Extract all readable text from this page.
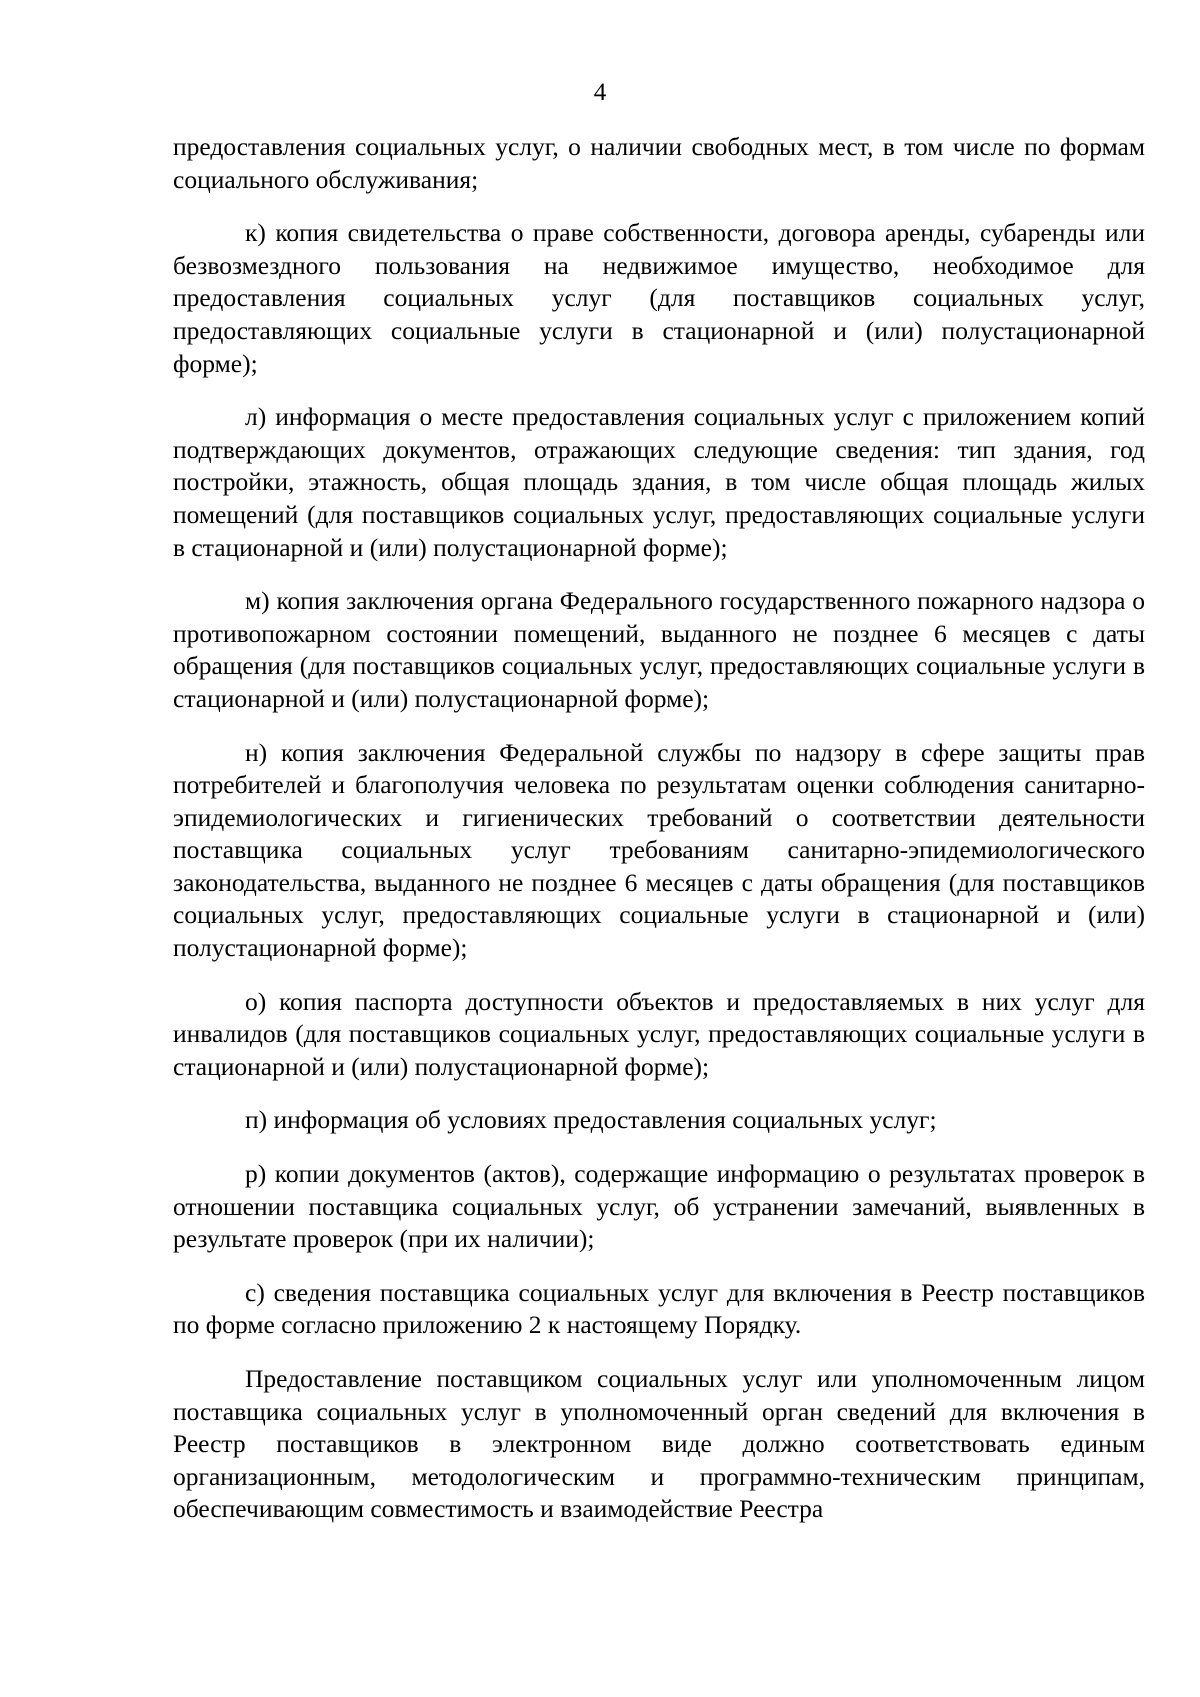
4

предоставления социальных услуг, о наличии свободных мест, в том числе по формам социального обслуживания;

к) копия свидетельства о праве собственности, договора аренды, субаренды или безвозмездного пользования на недвижимое имущество, необходимое для предоставления социальных услуг (для поставщиков социальных услуг, предоставляющих социальные услуги в стационарной и (или) полустационарной форме);

л) информация о месте предоставления социальных услуг с приложением копий подтверждающих документов, отражающих следующие сведения: тип здания, год постройки, этажность, общая площадь здания, в том числе общая площадь жилых помещений (для поставщиков социальных услуг, предоставляющих социальные услуги в стационарной и (или) полустационарной форме);

м) копия заключения органа Федерального государственного пожарного надзора о противопожарном состоянии помещений, выданного не позднее 6 месяцев с даты обращения (для поставщиков социальных услуг, предоставляющих социальные услуги в стационарной и (или) полустационарной форме);

н) копия заключения Федеральной службы по надзору в сфере защиты прав потребителей и благополучия человека по результатам оценки соблюдения санитарно-эпидемиологических и гигиенических требований о соответствии деятельности поставщика социальных услуг требованиям санитарно-эпидемиологического законодательства, выданного не позднее 6 месяцев с даты обращения (для поставщиков социальных услуг, предоставляющих социальные услуги в стационарной и (или) полустационарной форме);

о) копия паспорта доступности объектов и предоставляемых в них услуг для инвалидов (для поставщиков социальных услуг, предоставляющих социальные услуги в стационарной и (или) полустационарной форме);

п) информация об условиях предоставления социальных услуг;

р) копии документов (актов), содержащие информацию о результатах проверок в отношении поставщика социальных услуг, об устранении замечаний, выявленных в результате проверок (при их наличии);

с) сведения поставщика социальных услуг для включения в Реестр поставщиков по форме согласно приложению 2 к настоящему Порядку.

Предоставление поставщиком социальных услуг или уполномоченным лицом поставщика социальных услуг в уполномоченный орган сведений для включения в Реестр поставщиков в электронном виде должно соответствовать единым организационным, методологическим и программно-техническим принципам, обеспечивающим совместимость и взаимодействие Реестра
